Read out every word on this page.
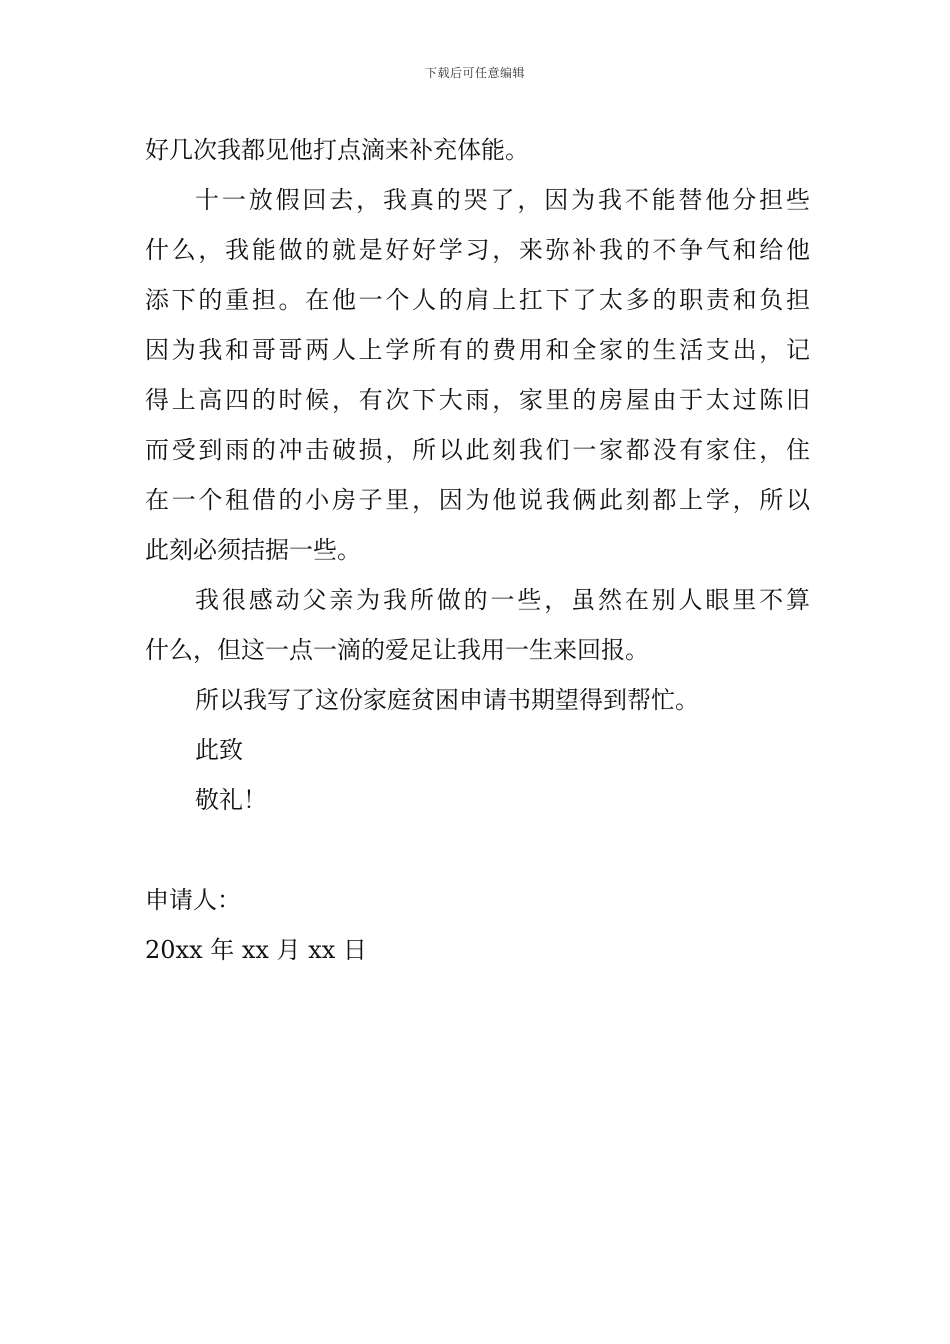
下载后可任意编辑
好几次我都见他打点滴来补充体能。
十一放假回去，我真的哭了，因为我不能替他分担些
什么，我能做的就是好好学习，来弥补我的不争气和给他
添下的重担。在他一个人的肩上扛下了太多的职责和负担
因为我和哥哥两人上学所有的费用和全家的生活支出，记
得上高四的时候，有次下大雨，家里的房屋由于太过陈旧
而受到雨的冲击破损，所以此刻我们一家都没有家住，住
在一个租借的小房子里，因为他说我俩此刻都上学，所以
此刻必须拮据一些。
我很感动父亲为我所做的一些，虽然在别人眼里不算
什么，但这一点一滴的爱足让我用一生来回报。
所以我写了这份家庭贫困申请书期望得到帮忙。
此致
敬礼！
申请人：
20xx 年 xx 月 xx 日
